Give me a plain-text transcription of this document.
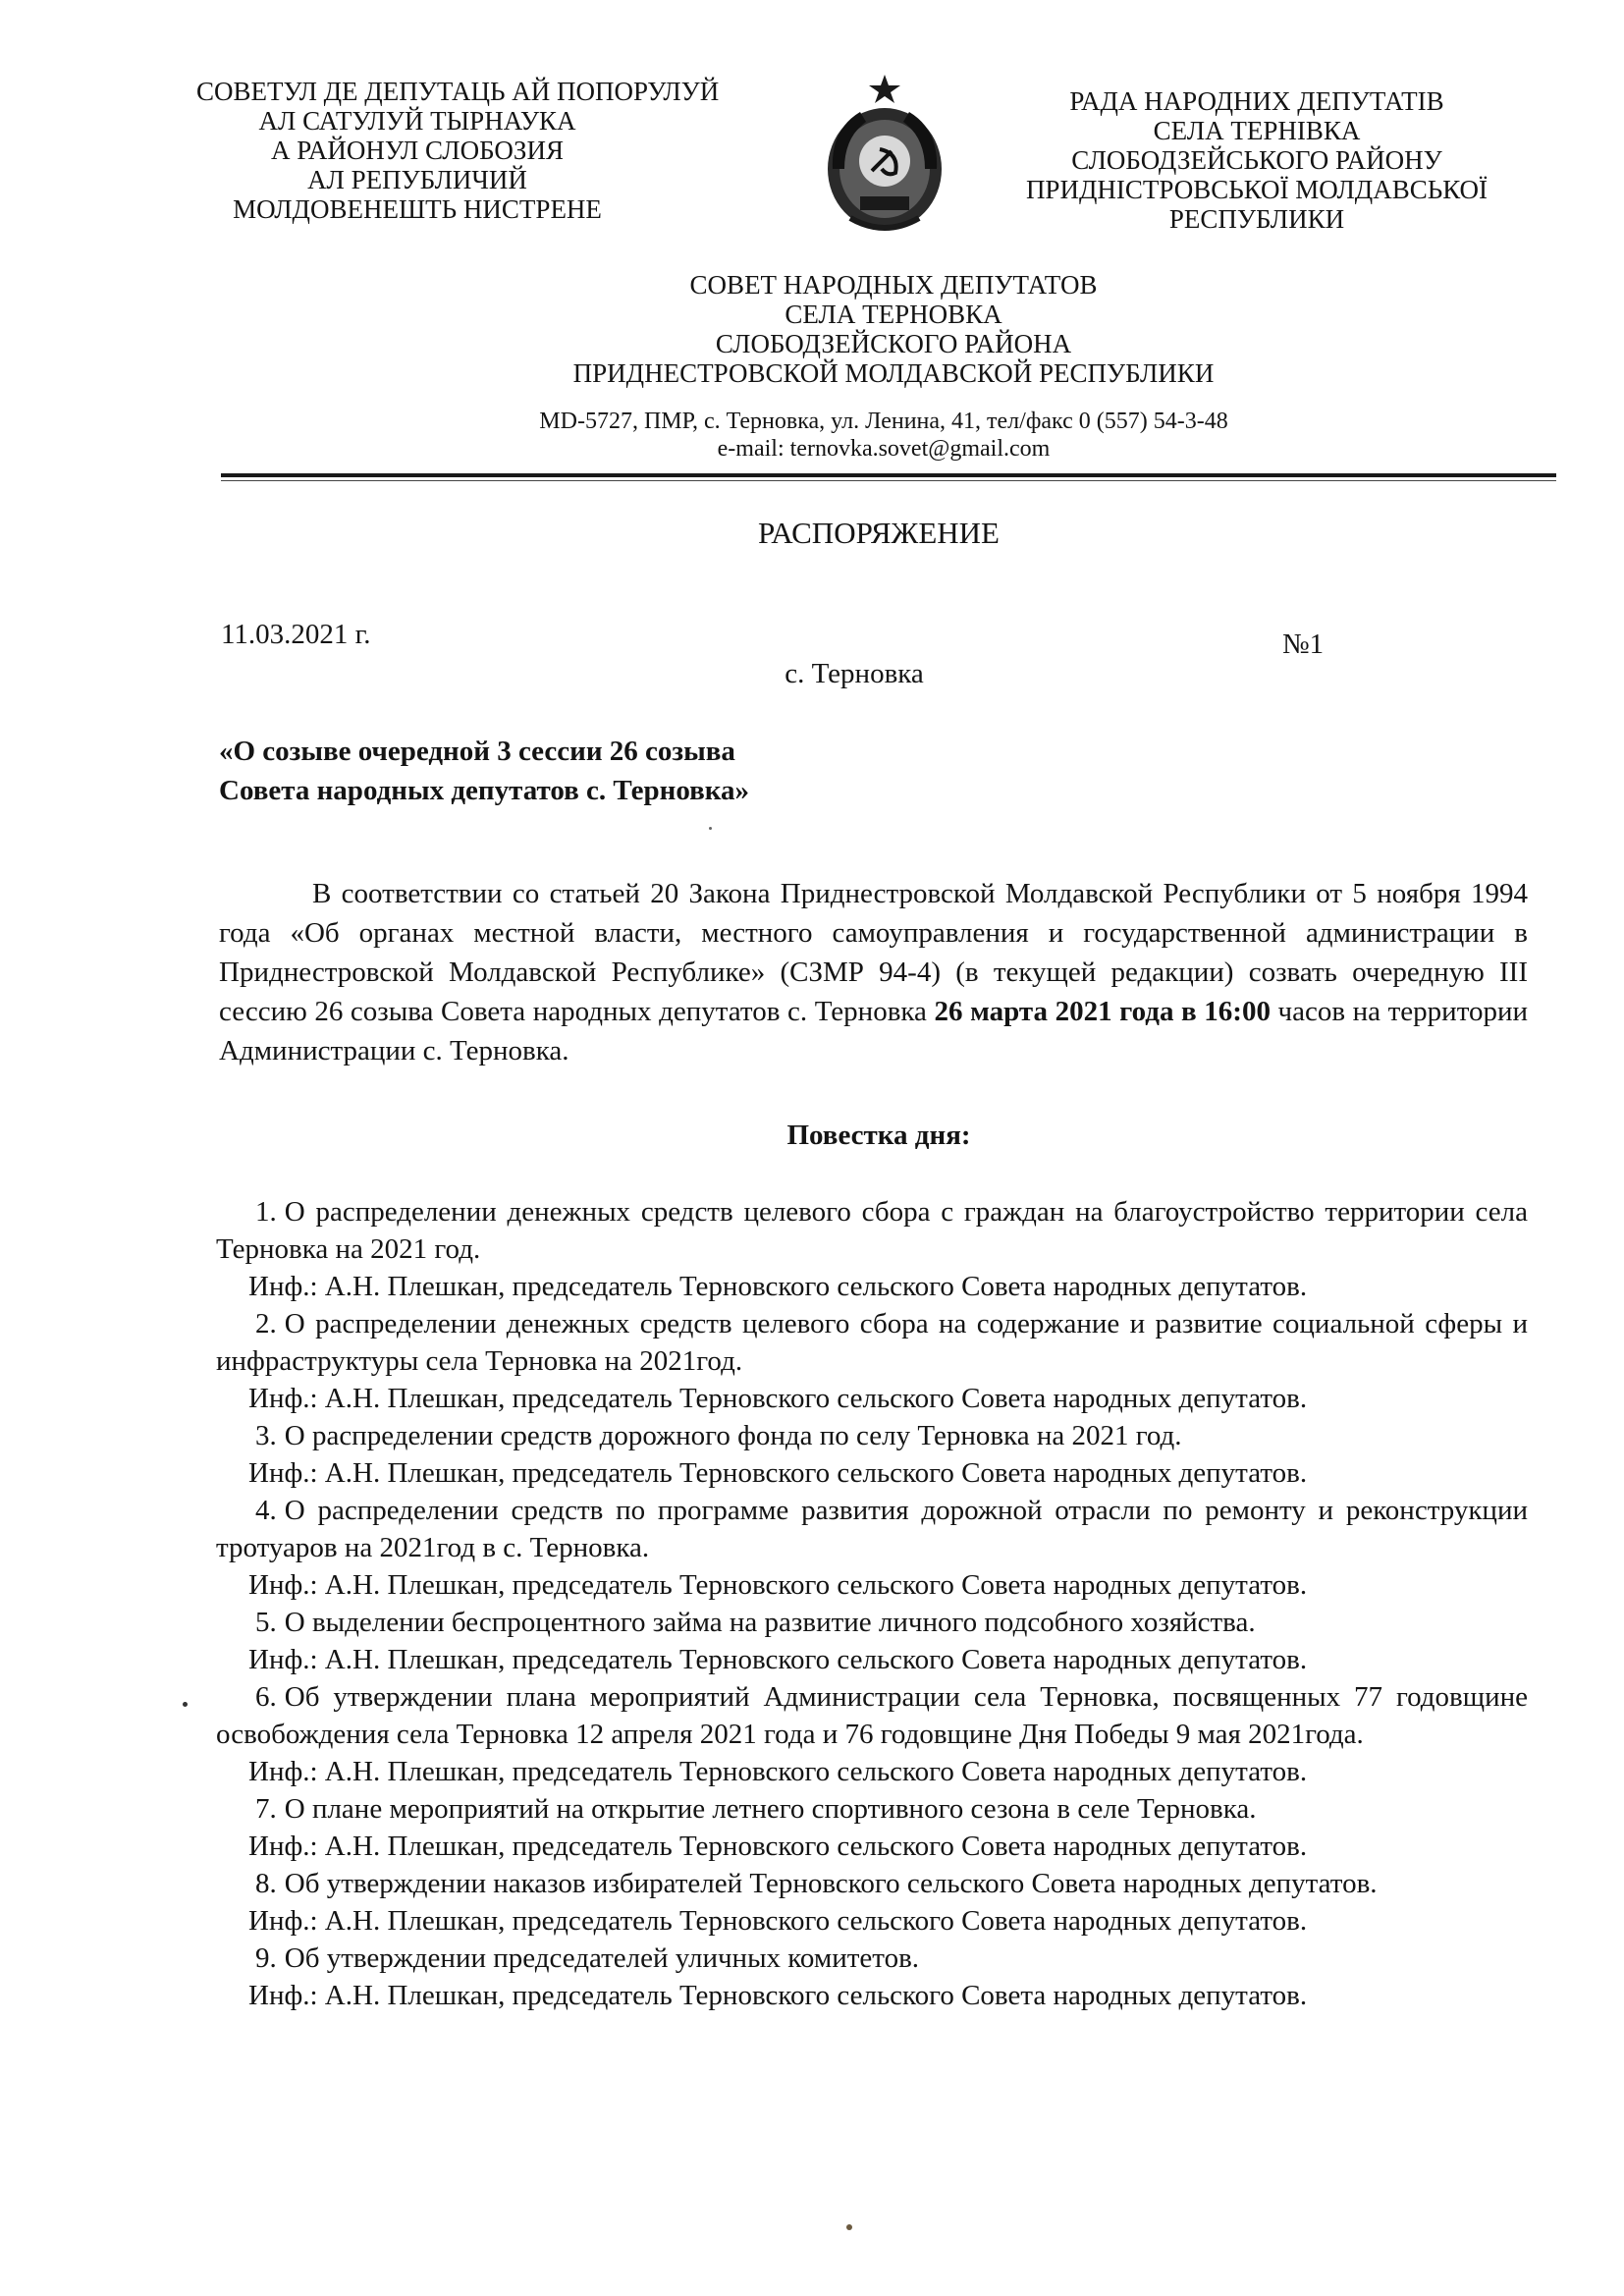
СОВЕТУЛ ДЕ ДЕПУТАЦЬ АЙ ПОПОРУЛУЙ
АЛ САТУЛУЙ ТЫРНАУКА
А РАЙОНУЛ СЛОБОЗИЯ
АЛ РЕПУБЛИЧИЙ
МОЛДОВЕНЕШТЬ НИСТРЕНЕ
РАДА НАРОДНИХ ДЕПУТАТІВ
СЕЛА ТЕРНІВКА
СЛОБОДЗЕЙСЬКОГО РАЙОНУ
ПРИДНІСТРОВСЬКОЇ МОЛДАВСЬКОЇ
РЕСПУБЛИКИ
СОВЕТ НАРОДНЫХ ДЕПУТАТОВ
СЕЛА ТЕРНОВКА
СЛОБОДЗЕЙСКОГО РАЙОНА
ПРИДНЕСТРОВСКОЙ МОЛДАВСКОЙ РЕСПУБЛИКИ
MD-5727, ПМР, с. Терновка, ул. Ленина, 41, тел/факс 0 (557) 54-3-48
e-mail: ternovka.sovet@gmail.com
РАСПОРЯЖЕНИЕ
11.03.2021 г.	№1
с. Терновка
«О созыве очередной 3 сессии 26 созыва
Совета народных депутатов с. Терновка»

В соответствии со статьей 20 Закона Приднестровской Молдавской Республики от 5 ноября 1994 года «Об органах местной власти, местного самоуправления и государственной администрации в Приднестровской Молдавской Республике» (СЗМР 94-4) (в текущей редакции) созвать очередную III сессию 26 созыва Совета народных депутатов с. Терновка 26 марта 2021 года в 16:00 часов на территории Администрации с. Терновка.

Повестка дня:

1. О распределении денежных средств целевого сбора с граждан на благоустройство территории села Терновка на 2021 год.

Инф.: А.Н. Плешкан, председатель Терновского сельского Совета народных депутатов.

2. О распределении денежных средств целевого сбора на содержание и развитие социальной сферы и инфраструктуры села Терновка на 2021год.

Инф.: А.Н. Плешкан, председатель Терновского сельского Совета народных депутатов.

3. О распределении средств дорожного фонда по селу Терновка на 2021 год.

Инф.: А.Н. Плешкан, председатель Терновского сельского Совета народных депутатов.

4. О распределении средств по программе развития дорожной отрасли по ремонту и реконструкции тротуаров на 2021год в с. Терновка.

Инф.: А.Н. Плешкан, председатель Терновского сельского Совета народных депутатов.

5. О выделении беспроцентного займа на развитие личного подсобного хозяйства.

Инф.: А.Н. Плешкан, председатель Терновского сельского Совета народных депутатов.

6. Об утверждении плана мероприятий Администрации села Терновка, посвященных 77 годовщине освобождения села Терновка 12 апреля 2021 года и 76 годовщине Дня Победы 9 мая 2021года.

Инф.: А.Н. Плешкан, председатель Терновского сельского Совета народных депутатов.

7. О плане мероприятий на открытие летнего спортивного сезона в селе Терновка.

Инф.: А.Н. Плешкан, председатель Терновского сельского Совета народных депутатов.

8. Об утверждении наказов избирателей Терновского сельского Совета народных депутатов.

Инф.: А.Н. Плешкан, председатель Терновского сельского Совета народных депутатов.

9. Об утверждении председателей уличных комитетов.

Инф.: А.Н. Плешкан, председатель Терновского сельского Совета народных депутатов.
